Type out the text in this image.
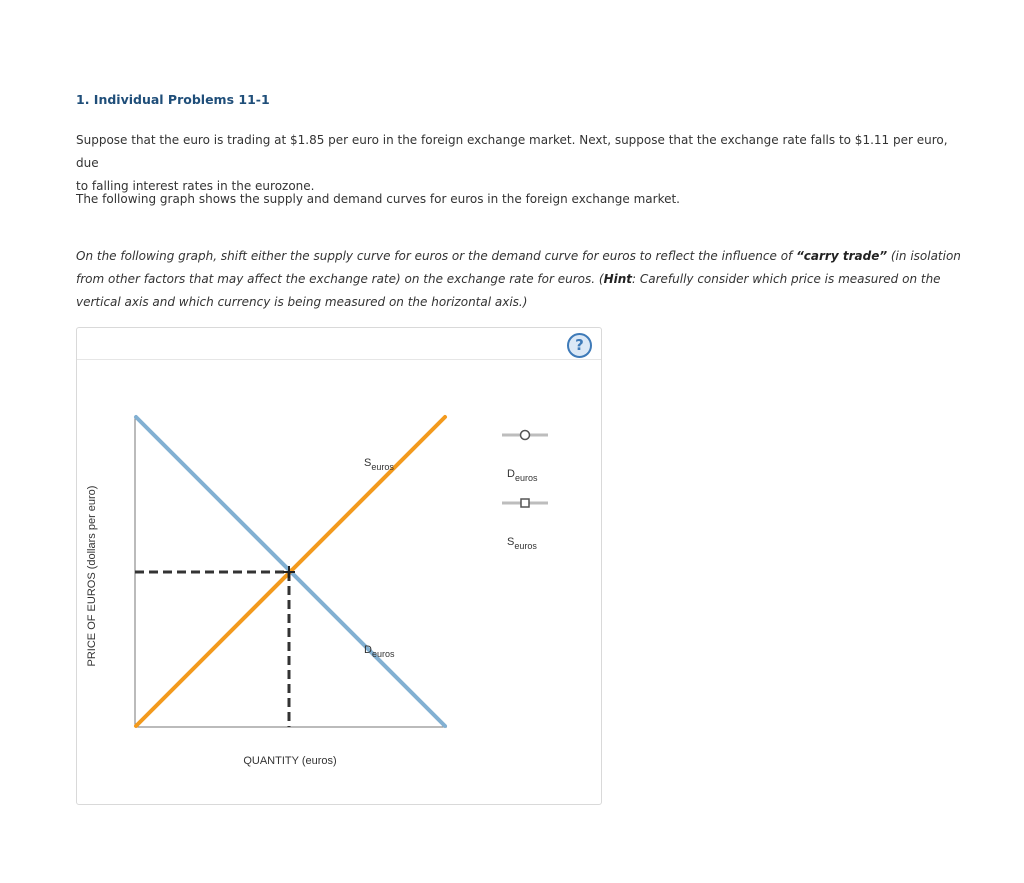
1. Individual Problems 11-1
Suppose that the euro is trading at $1.85 per euro in the foreign exchange market. Next, suppose that the exchange rate falls to $1.11 per euro, due
to falling interest rates in the eurozone.
The following graph shows the supply and demand curves for euros in the foreign exchange market.
On the following graph, shift either the supply curve for euros or the demand curve for euros to reflect the influence of “carry trade” (in isolation
from other factors that may affect the exchange rate) on the exchange rate for euros. (Hint: Carefully consider which price is measured on the
vertical axis and which currency is being measured on the horizontal axis.)
?
PRICE OF EUROS (dollars per euro)
$S_{euros}$
$D_{euros}$
QUANTITY (euros)
$D_{euros}$
$S_{euros}$
